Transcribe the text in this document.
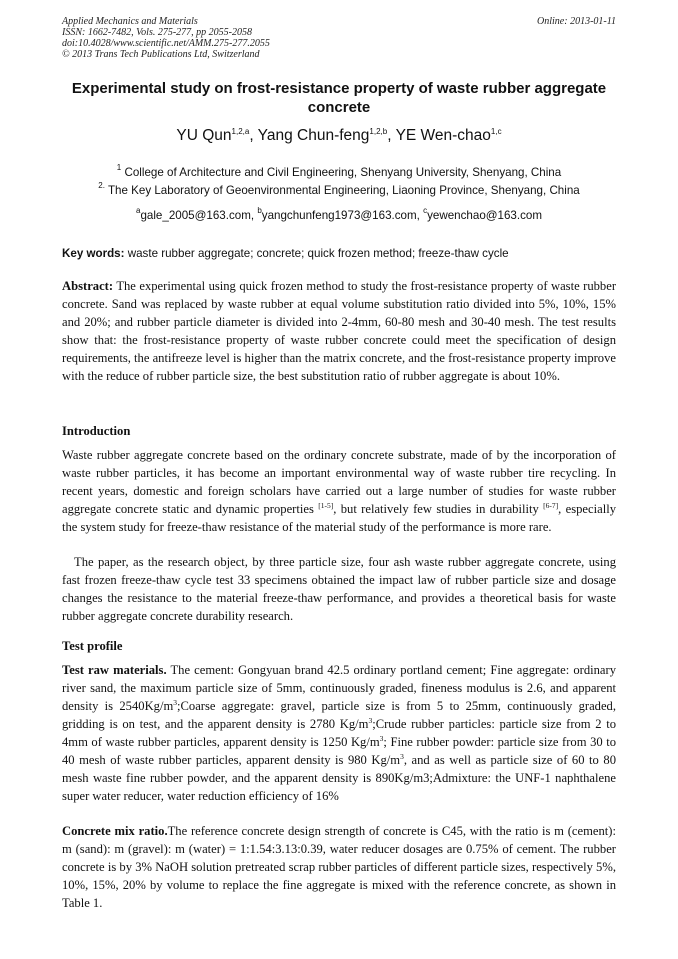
Applied Mechanics and Materials
ISSN: 1662-7482, Vols. 275-277, pp 2055-2058
doi:10.4028/www.scientific.net/AMM.275-277.2055
© 2013 Trans Tech Publications Ltd, Switzerland
Online: 2013-01-11
Experimental study on frost-resistance property of waste rubber aggregate concrete
YU Qun$^{1,2,a}$, Yang Chun-feng$^{1,2,b}$, YE Wen-chao$^{1,c}$
$^1$ College of Architecture and Civil Engineering, Shenyang University, Shenyang, China
$^{2.}$ The Key Laboratory of Geoenvironmental Engineering, Liaoning Province, Shenyang, China
$^a$gale_2005@163.com, $^b$yangchunfeng1973@163.com, $^c$yewenchao@163.com
Key words: waste rubber aggregate; concrete; quick frozen method; freeze-thaw cycle
Abstract: The experimental using quick frozen method to study the frost-resistance property of waste rubber concrete. Sand was replaced by waste rubber at equal volume substitution ratio divided into 5%, 10%, 15% and 20%; and rubber particle diameter is divided into 2-4mm, 60-80 mesh and 30-40 mesh. The test results show that: the frost-resistance property of waste rubber concrete could meet the specification of design requirements, the antifreeze level is higher than the matrix concrete, and the frost-resistance property improve with the reduce of rubber particle size, the best substitution ratio of rubber aggregate is about 10%.
Introduction
Waste rubber aggregate concrete based on the ordinary concrete substrate, made of by the incorporation of waste rubber particles, it has become an important environmental way of waste rubber tire recycling. In recent years, domestic and foreign scholars have carried out a large number of studies for waste rubber aggregate concrete static and dynamic properties [1-5], but relatively few studies in durability [6-7], especially the system study for freeze-thaw resistance of the material study of the performance is more rare.
The paper, as the research object, by three particle size, four ash waste rubber aggregate concrete, using fast frozen freeze-thaw cycle test 33 specimens obtained the impact law of rubber particle size and dosage changes the resistance to the material freeze-thaw performance, and provides a theoretical basis for waste rubber aggregate concrete durability research.
Test profile
Test raw materials. The cement: Gongyuan brand 42.5 ordinary portland cement; Fine aggregate: ordinary river sand, the maximum particle size of 5mm, continuously graded, fineness modulus is 2.6, and apparent density is $2540Kg/m^3;Coarse$ aggregate: gravel, particle size is from 5 to 25mm, continuously graded, gridding is on test, and the apparent density is 2780 $Kg/m^3;Crude$ rubber particles: particle size from 2 to 4mm of waste rubber particles, apparent density is 1250 $Kg/m^3$; Fine rubber powder: particle size from 30 to 40 mesh of waste rubber particles, apparent density is 980 $Kg/m^3$, and as well as particle size of 60 to 80 mesh waste fine rubber powder, and the apparent density is 890Kg/m3;Admixture: the UNF-1 naphthalene super water reducer, water reduction efficiency of 16%
Concrete mix ratio.The reference concrete design strength of concrete is C45, with the ratio is m (cement): m (sand): m (gravel): m (water) = 1:1.54:3.13:0.39, water reducer dosages are 0.75% of cement. The rubber concrete is by 3% NaOH solution pretreated scrap rubber particles of different particle sizes, respectively 5%, 10%, 15%, 20% by volume to replace the fine aggregate is mixed with the reference concrete, as shown in Table 1.
